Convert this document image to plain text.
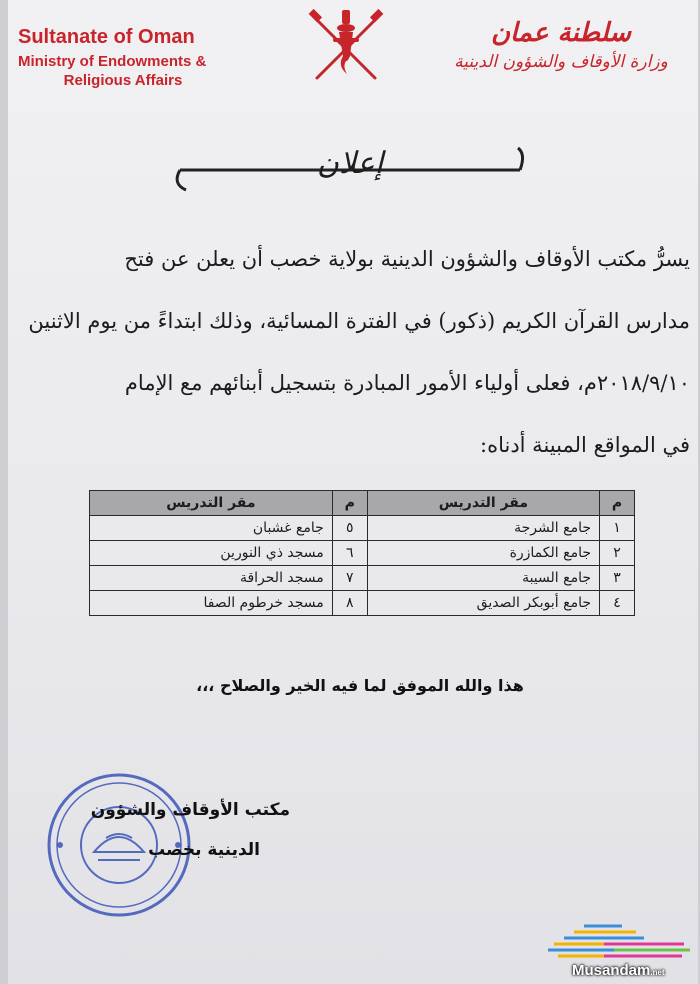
Sultanate of Oman
Ministry of Endowments &
Religious Affairs
سلطنة عمان
وزارة الأوقاف والشؤون الدينية
إعلان
يسرُّ مكتب الأوقاف والشؤون الدينية بولاية خصب أن يعلن عن فتح
مدارس القرآن الكريم (ذكور) في الفترة المسائية، وذلك ابتداءً من يوم الاثنين
٢٠١٨/٩/١٠م، فعلى أولياء الأمور المبادرة بتسجيل أبنائهم مع الإمام
في المواقع المبينة أدناه:
م	مقر التدريس	م	مقر التدريس
١	جامع الشرجة	٥	جامع غشبان
٢	جامع الكمازرة	٦	مسجد ذي النورين
٣	جامع السيبة	٧	مسجد الحراقة
٤	جامع أبوبكر الصديق	٨	مسجد خرطوم الصفا
هذا والله الموفق لما فيه الخير والصلاح ،،،
مكتب الأوقاف والشؤون
الدينية بخصب
Musandam.net
